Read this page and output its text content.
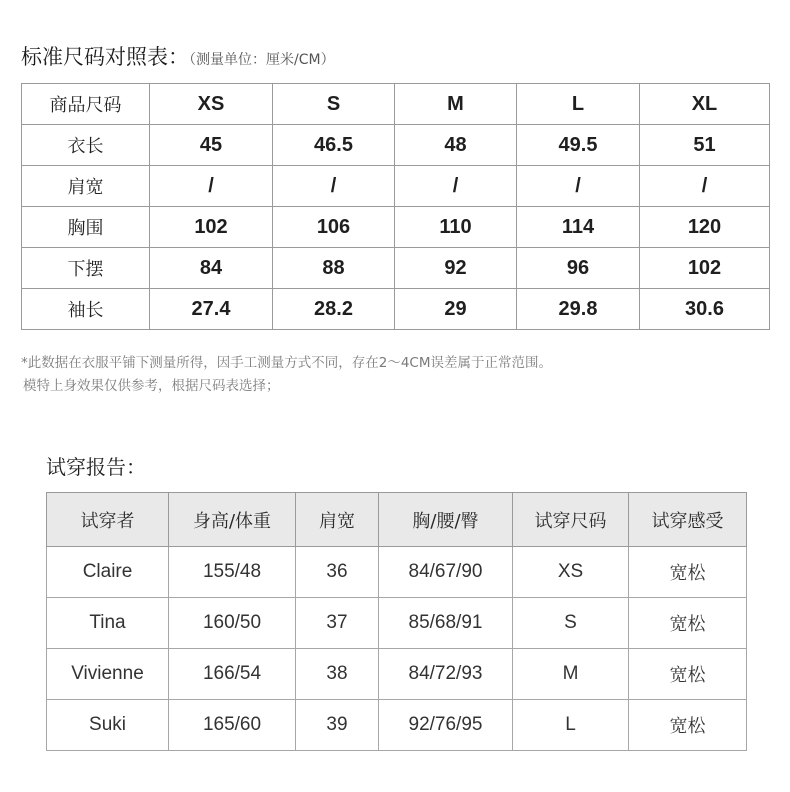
标准尺码对照表：（测量单位：厘米/CM）
商品尺码	XS	S	M	L	XL
衣长	45	46.5	48	49.5	51
肩宽	/	/	/	/	/
胸围	102	106	110	114	120
下摆	84	88	92	96	102
袖长	27.4	28.2	29	29.8	30.6
*此数据在衣服平铺下测量所得，因手工测量方式不同，存在2～4CM误差属于正常范围。
模特上身效果仅供参考，根据尺码表选择；
试穿报告：
试穿者	身高/体重	肩宽	胸/腰/臀	试穿尺码	试穿感受
Claire	155/48	36	84/67/90	XS	宽松
Tina	160/50	37	85/68/91	S	宽松
Vivienne	166/54	38	84/72/93	M	宽松
Suki	165/60	39	92/76/95	L	宽松
